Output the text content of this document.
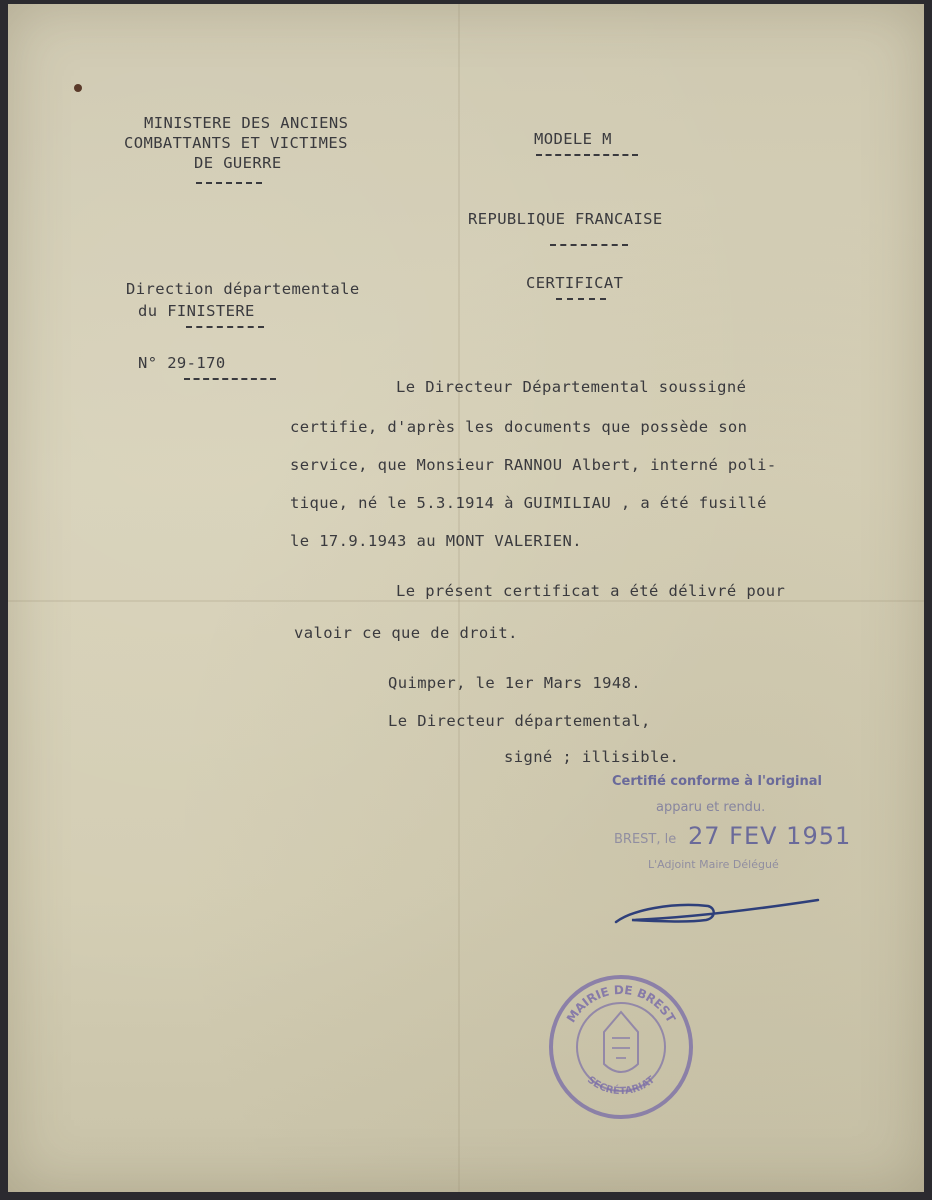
MINISTERE DES ANCIENS

COMBATTANTS ET VICTIMES

DE GUERRE

Direction départementale

du FINISTERE

N° 29-170

MODELE M

REPUBLIQUE FRANCAISE

CERTIFICAT

Le Directeur Départemental soussigné

certifie, d'après les documents que possède son

service, que Monsieur RANNOU Albert, interné poli-

tique, né le 5.3.1914 à GUIMILIAU , a été fusillé

le 17.9.1943 au MONT VALERIEN.

Le présent certificat a été délivré pour

valoir ce que de droit.

Quimper, le 1er Mars 1948.

Le Directeur départemental,

signé ; illisible.

Certifié conforme à l'original

apparu et rendu.

BREST, le 27 FEV 1951

L'Adjoint Maire Délégué

MAIRIE DE BREST
SECRÉTARIAT
